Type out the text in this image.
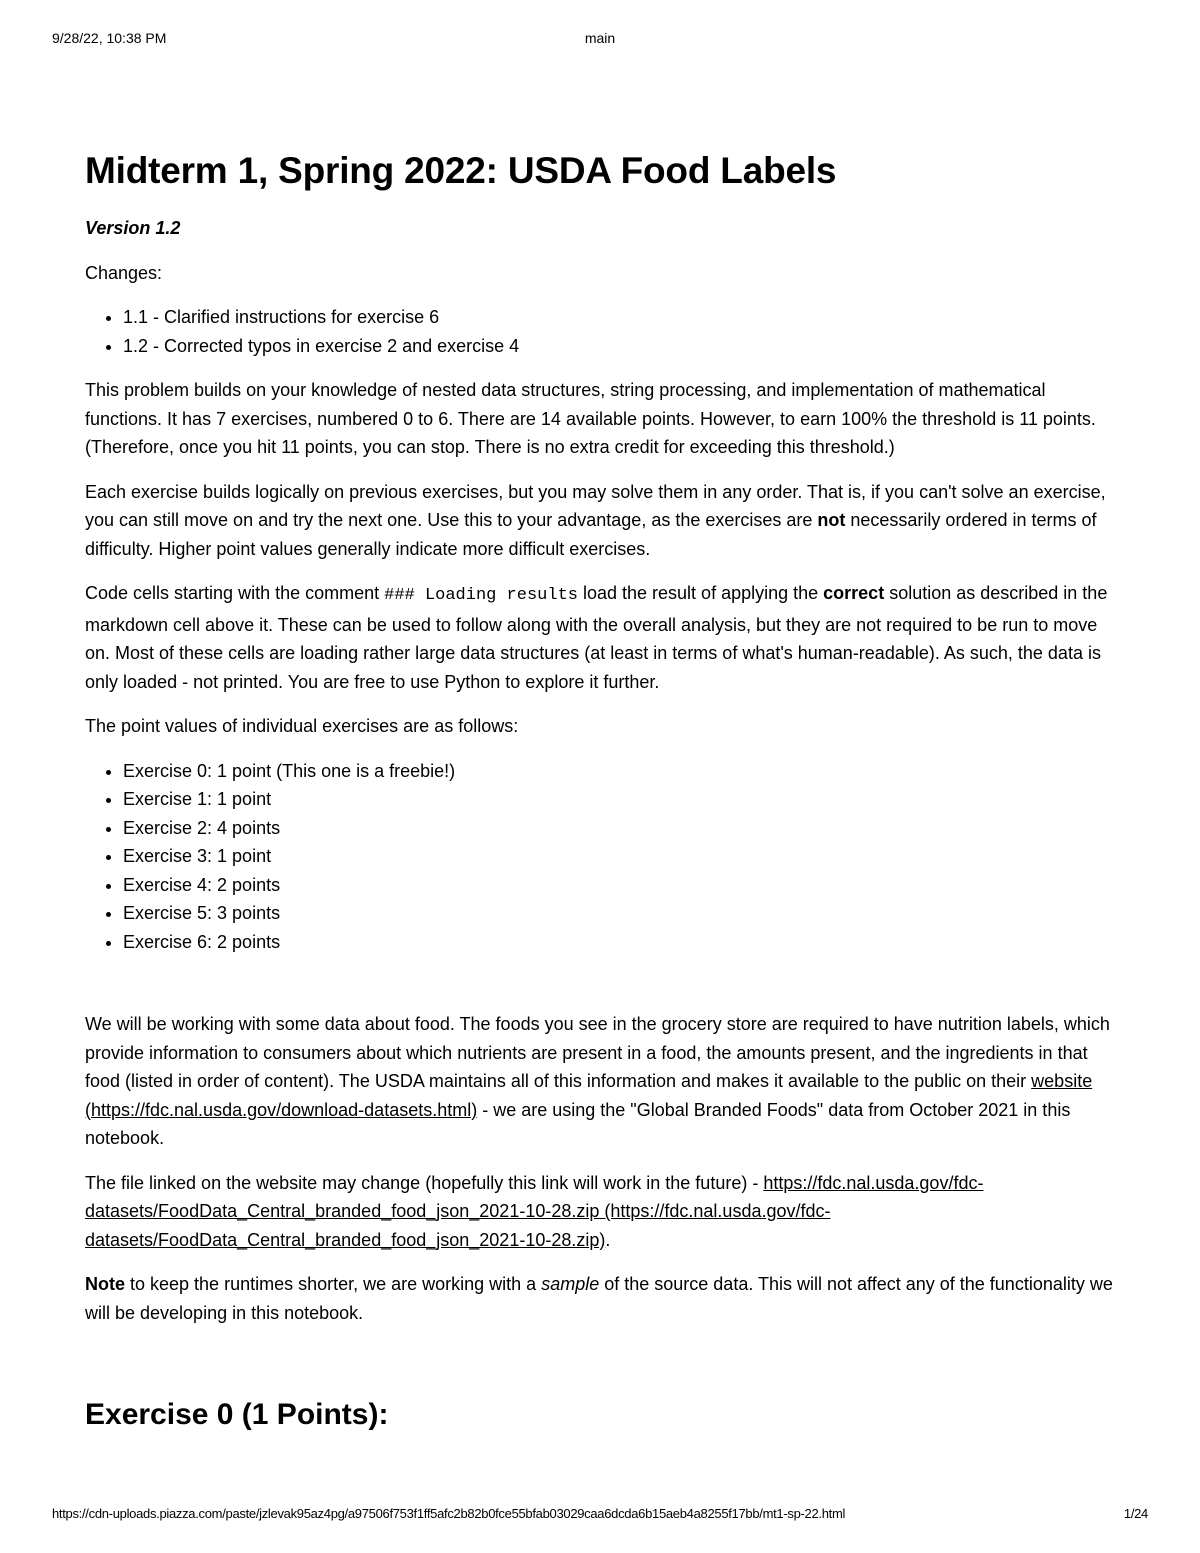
9/28/22, 10:38 PM	main
Midterm 1, Spring 2022: USDA Food Labels

Version 1.2

Changes:

• 1.1 - Clarified instructions for exercise 6
• 1.2 - Corrected typos in exercise 2 and exercise 4

This problem builds on your knowledge of nested data structures, string processing, and implementation of mathematical functions. It has 7 exercises, numbered 0 to 6. There are 14 available points. However, to earn 100% the threshold is 11 points. (Therefore, once you hit 11 points, you can stop. There is no extra credit for exceeding this threshold.)

Each exercise builds logically on previous exercises, but you may solve them in any order. That is, if you can't solve an exercise, you can still move on and try the next one. Use this to your advantage, as the exercises are not necessarily ordered in terms of difficulty. Higher point values generally indicate more difficult exercises.

Code cells starting with the comment ### Loading results load the result of applying the correct solution as described in the markdown cell above it. These can be used to follow along with the overall analysis, but they are not required to be run to move on. Most of these cells are loading rather large data structures (at least in terms of what's human-readable). As such, the data is only loaded - not printed. You are free to use Python to explore it further.

The point values of individual exercises are as follows:

• Exercise 0: 1 point (This one is a freebie!)
• Exercise 1: 1 point
• Exercise 2: 4 points
• Exercise 3: 1 point
• Exercise 4: 2 points
• Exercise 5: 3 points
• Exercise 6: 2 points

We will be working with some data about food. The foods you see in the grocery store are required to have nutrition labels, which provide information to consumers about which nutrients are present in a food, the amounts present, and the ingredients in that food (listed in order of content). The USDA maintains all of this information and makes it available to the public on their website (https://fdc.nal.usda.gov/download-datasets.html) - we are using the "Global Branded Foods" data from October 2021 in this notebook.

The file linked on the website may change (hopefully this link will work in the future) - https://fdc.nal.usda.gov/fdc-datasets/FoodData_Central_branded_food_json_2021-10-28.zip (https://fdc.nal.usda.gov/fdc-datasets/FoodData_Central_branded_food_json_2021-10-28.zip).

Note to keep the runtimes shorter, we are working with a sample of the source data. This will not affect any of the functionality we will be developing in this notebook.

Exercise 0 (1 Points):
https://cdn-uploads.piazza.com/paste/jzlevak95az4pg/a97506f753f1ff5afc2b82b0fce55bfab03029caa6dcda6b15aeb4a8255f17bb/mt1-sp-22.html	1/24
